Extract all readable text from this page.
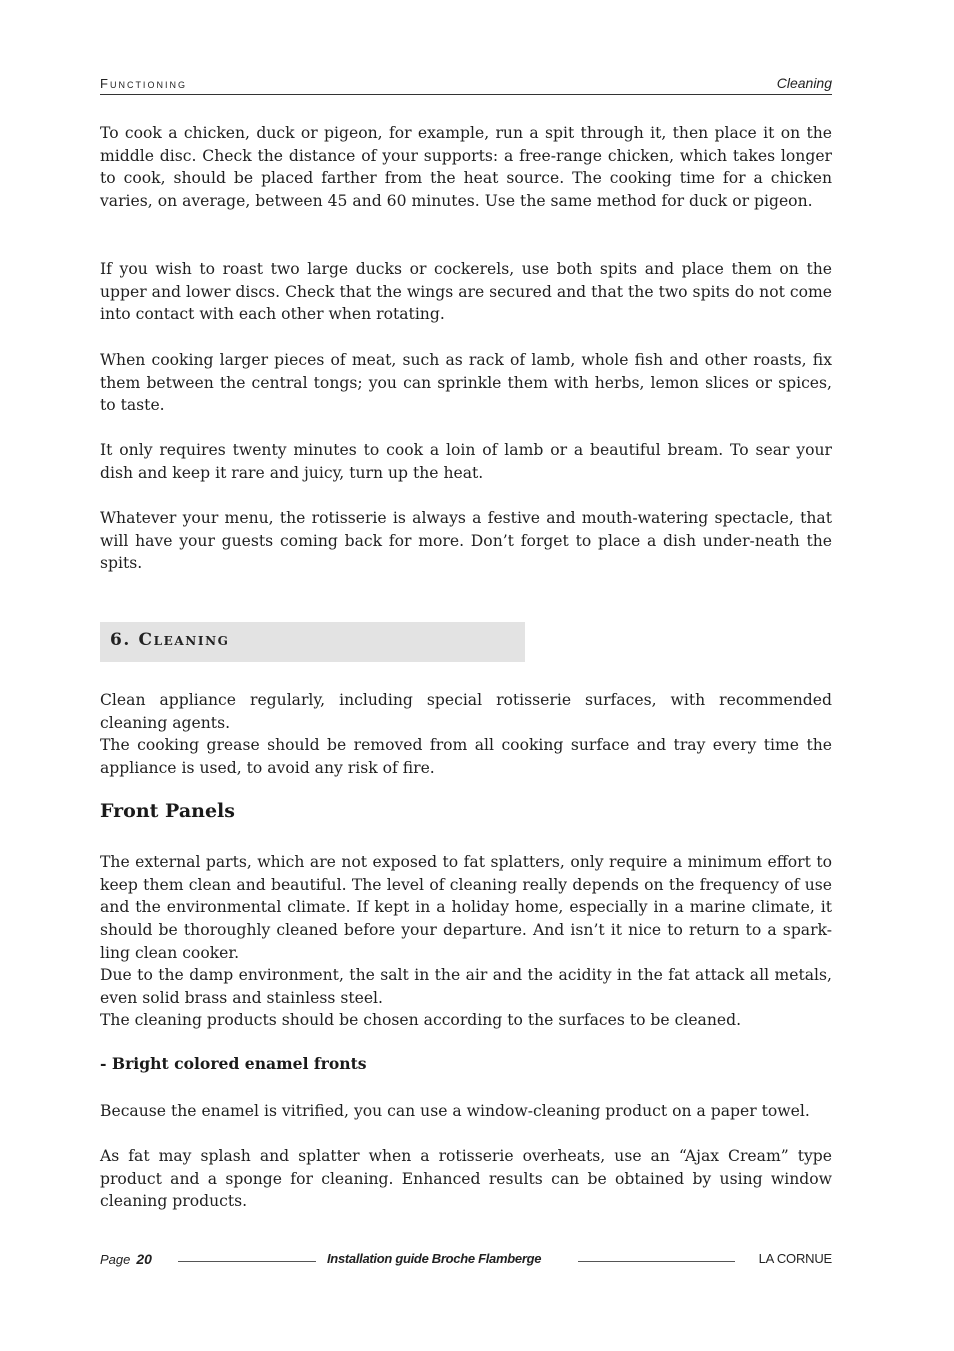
Functioning	Cleaning

To cook a chicken, duck or pigeon, for example, run a spit through it, then place it on the middle disc. Check the distance of your supports: a free-range chicken, which takes longer to cook, should be placed farther from the heat source. The cooking time for a chicken varies, on average, between 45 and 60 minutes. Use the same method for duck or pigeon.

If you wish to roast two large ducks or cockerels, use both spits and place them on the upper and lower discs. Check that the wings are secured and that the two spits do not come into contact with each other when rotating.

When cooking larger pieces of meat, such as rack of lamb, whole fish and other roasts, fix them between the central tongs; you can sprinkle them with herbs, lemon slices or spices, to taste.

It only requires twenty minutes to cook a loin of lamb or a beautiful bream. To sear your dish and keep it rare and juicy, turn up the heat.

Whatever your menu, the rotisserie is always a festive and mouth-watering spectacle, that will have your guests coming back for more. Don’t forget to place a dish under-neath the spits.

6. Cleaning

Clean appliance regularly, including special rotisserie surfaces, with recommended cleaning agents.

The cooking grease should be removed from all cooking surface and tray every time the appliance is used, to avoid any risk of fire.

Front Panels

The external parts, which are not exposed to fat splatters, only require a minimum effort to keep them clean and beautiful. The level of cleaning really depends on the frequency of use and the environmental climate. If kept in a holiday home, especially in a marine climate, it should be thoroughly cleaned before your departure. And isn’t it nice to return to a spark-ling clean cooker.

Due to the damp environment, the salt in the air and the acidity in the fat attack all metals, even solid brass and stainless steel.

The cleaning products should be chosen according to the surfaces to be cleaned.

- Bright colored enamel fronts

Because the enamel is vitrified, you can use a window-cleaning product on a paper towel.

As fat may splash and splatter when a rotisserie overheats, use an “Ajax Cream” type product and a sponge for cleaning. Enhanced results can be obtained by using window cleaning products.

Page 20	Installation guide Broche Flamberge	LA CORNUE
